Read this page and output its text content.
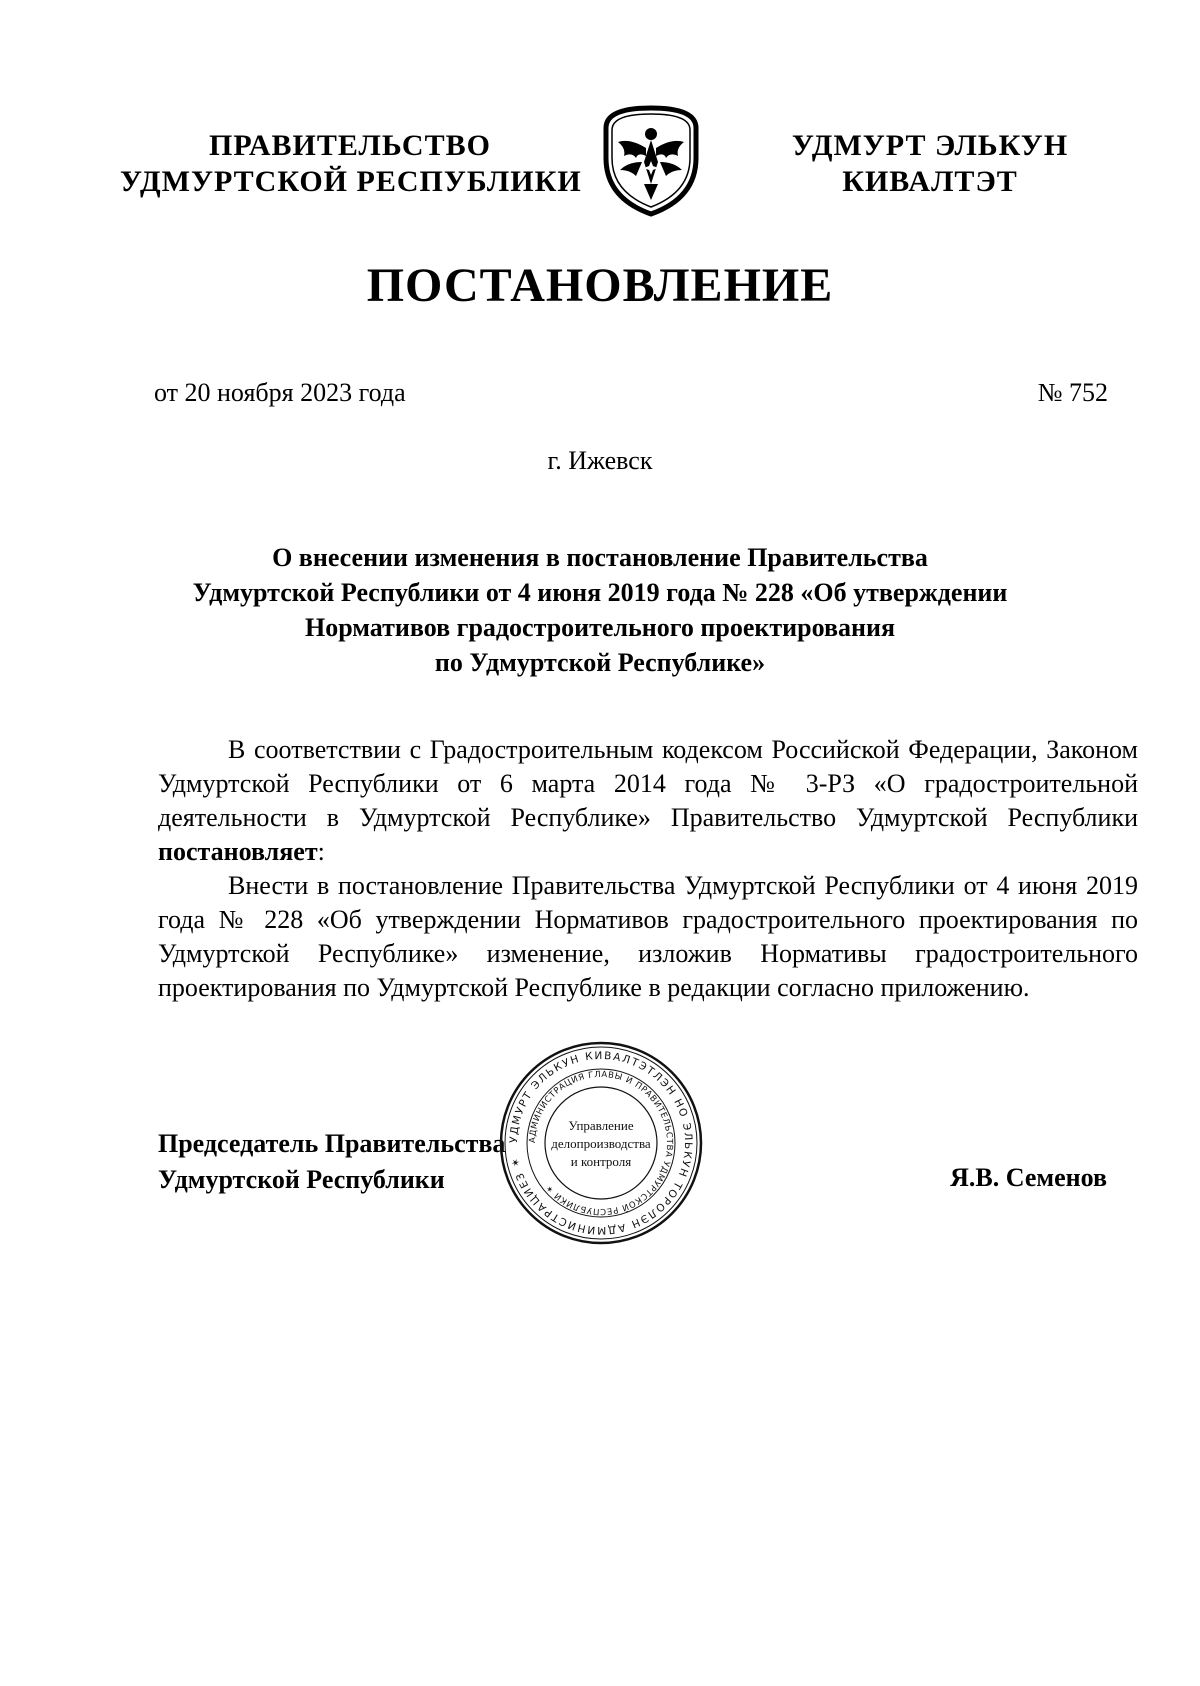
ПРАВИТЕЛЬСТВО
УДМУРТСКОЙ РЕСПУБЛИКИ
УДМУРТ ЭЛЬКУН
КИВАЛТЭТ
ПОСТАНОВЛЕНИЕ
от 20 ноября 2023 года	№ 752
г. Ижевск
О внесении изменения в постановление Правительства
Удмуртской Республики от 4 июня 2019 года № 228 «Об утверждении
Нормативов градостроительного проектирования
по Удмуртской Республике»

В соответствии с Градостроительным кодексом Российской Федерации, Законом Удмуртской Республики от 6 марта 2014 года № 3-РЗ «О градостроительной деятельности в Удмуртской Республике» Правительство Удмуртской Республики постановляет:

Внести в постановление Правительства Удмуртской Республики от 4 июня 2019 года № 228 «Об утверждении Нормативов градостроительного проектирования по Удмуртской Республике» изменение, изложив Нормативы градостроительного проектирования по Удмуртской Республике в редакции согласно приложению.

Председатель Правительства
Удмуртской Республики	Я.В. Семенов
УДМУРТ ЭЛЬКУН КИВАЛТЭТЛЭН НО ЭЛЬКУН ТОРОЛЭН АДМИНИСТРАЦИЕЗ ✶
АДМИНИСТРАЦИЯ ГЛАВЫ И ПРАВИТЕЛЬСТВА УДМУРТСКОЙ РЕСПУБЛИКИ ✶
Управление
делопроизводства
и контроля
